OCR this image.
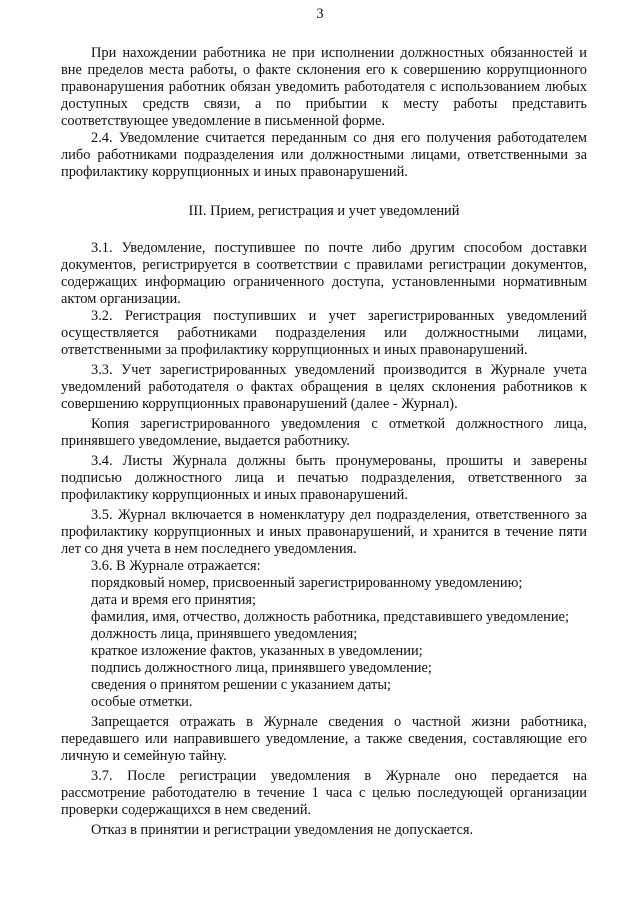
3

При нахождении работника не при исполнении должностных обязанностей и вне пределов места работы, о факте склонения его к совершению коррупционного правонарушения работник обязан уведомить работодателя с использованием любых доступных средств связи, а по прибытии к месту работы представить соответствующее уведомление в письменной форме.

2.4. Уведомление считается переданным со дня его получения работодателем либо работниками подразделения или должностными лицами, ответственными за профилактику коррупционных и иных правонарушений.

III. Прием, регистрация и учет уведомлений

3.1. Уведомление, поступившее по почте либо другим способом доставки документов, регистрируется в соответствии с правилами регистрации документов, содержащих информацию ограниченного доступа, установленными нормативным актом организации.

3.2. Регистрация поступивших и учет зарегистрированных уведомлений осуществляется работниками подразделения или должностными лицами, ответственными за профилактику коррупционных и иных правонарушений.

3.3. Учет зарегистрированных уведомлений производится в Журнале учета уведомлений работодателя о фактах обращения в целях склонения работников к совершению коррупционных правонарушений (далее - Журнал).

Копия зарегистрированного уведомления с отметкой должностного лица, принявшего уведомление, выдается работнику.

3.4. Листы Журнала должны быть пронумерованы, прошиты и заверены подписью должностного лица и печатью подразделения, ответственного за профилактику коррупционных и иных правонарушений.

3.5. Журнал включается в номенклатуру дел подразделения, ответственного за профилактику коррупционных и иных правонарушений, и хранится в течение пяти лет со дня учета в нем последнего уведомления.

3.6. В Журнале отражается:

порядковый номер, присвоенный зарегистрированному уведомлению;

дата и время его принятия;

фамилия, имя, отчество, должность работника, представившего уведомление;

должность лица, принявшего уведомления;

краткое изложение фактов, указанных в уведомлении;

подпись должностного лица, принявшего уведомление;

сведения о принятом решении с указанием даты;

особые отметки.

Запрещается отражать в Журнале сведения о частной жизни работника, передавшего или направившего уведомление, а также сведения, составляющие его личную и семейную тайну.

3.7. После регистрации уведомления в Журнале оно передается на рассмотрение работодателю в течение 1 часа с целью последующей организации проверки содержащихся в нем сведений.

Отказ в принятии и регистрации уведомления не допускается.
